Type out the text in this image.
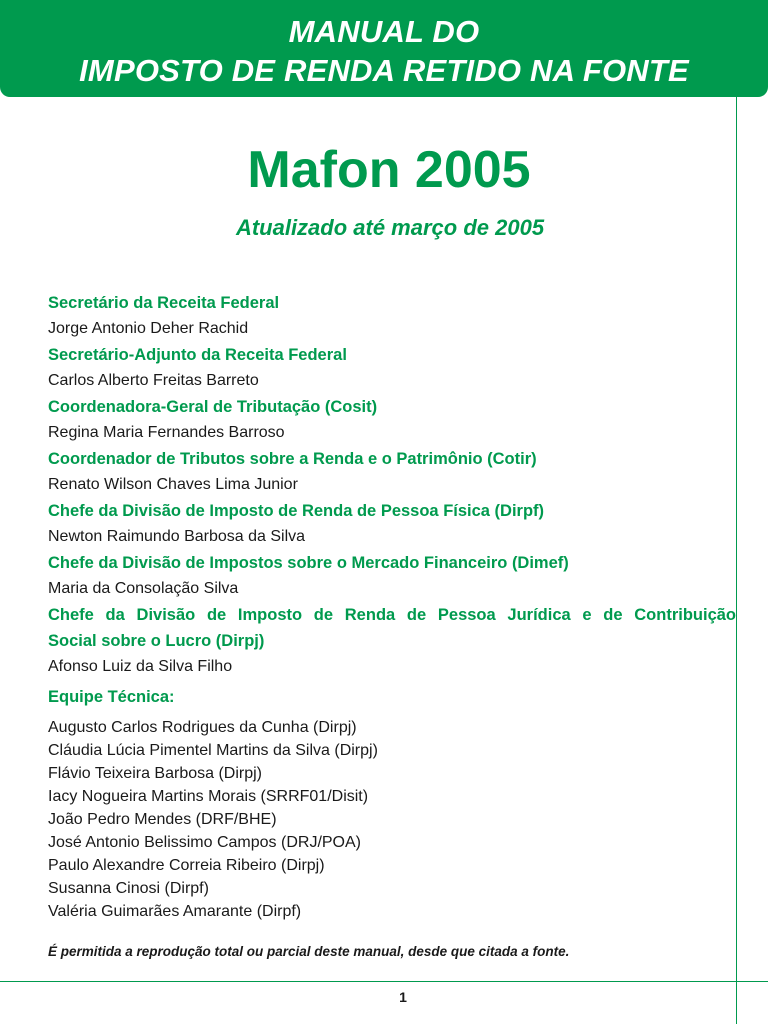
MANUAL DO
IMPOSTO DE RENDA RETIDO NA FONTE
Mafon 2005
Atualizado até março de 2005
Secretário da Receita Federal
Jorge Antonio Deher Rachid
Secretário-Adjunto da Receita Federal
Carlos Alberto Freitas Barreto
Coordenadora-Geral de Tributação (Cosit)
Regina Maria Fernandes Barroso
Coordenador de Tributos sobre a Renda e o Patrimônio (Cotir)
Renato Wilson Chaves Lima Junior
Chefe da Divisão de Imposto de Renda de Pessoa Física (Dirpf)
Newton Raimundo Barbosa da Silva
Chefe da Divisão de Impostos sobre o Mercado Financeiro (Dimef)
Maria da Consolação Silva
Chefe da Divisão de Imposto de Renda de Pessoa Jurídica e de Contribuição
Social sobre o Lucro (Dirpj)
Afonso Luiz da Silva Filho
Equipe Técnica:
Augusto Carlos Rodrigues da Cunha (Dirpj)
Cláudia Lúcia Pimentel Martins da Silva (Dirpj)
Flávio Teixeira Barbosa (Dirpj)
Iacy Nogueira Martins Morais (SRRF01/Disit)
João Pedro Mendes (DRF/BHE)
José Antonio Belissimo Campos (DRJ/POA)
Paulo Alexandre Correia Ribeiro (Dirpj)
Susanna Cinosi (Dirpf)
Valéria Guimarães Amarante (Dirpf)
É permitida a reprodução total ou parcial deste manual, desde que citada a fonte.
1
